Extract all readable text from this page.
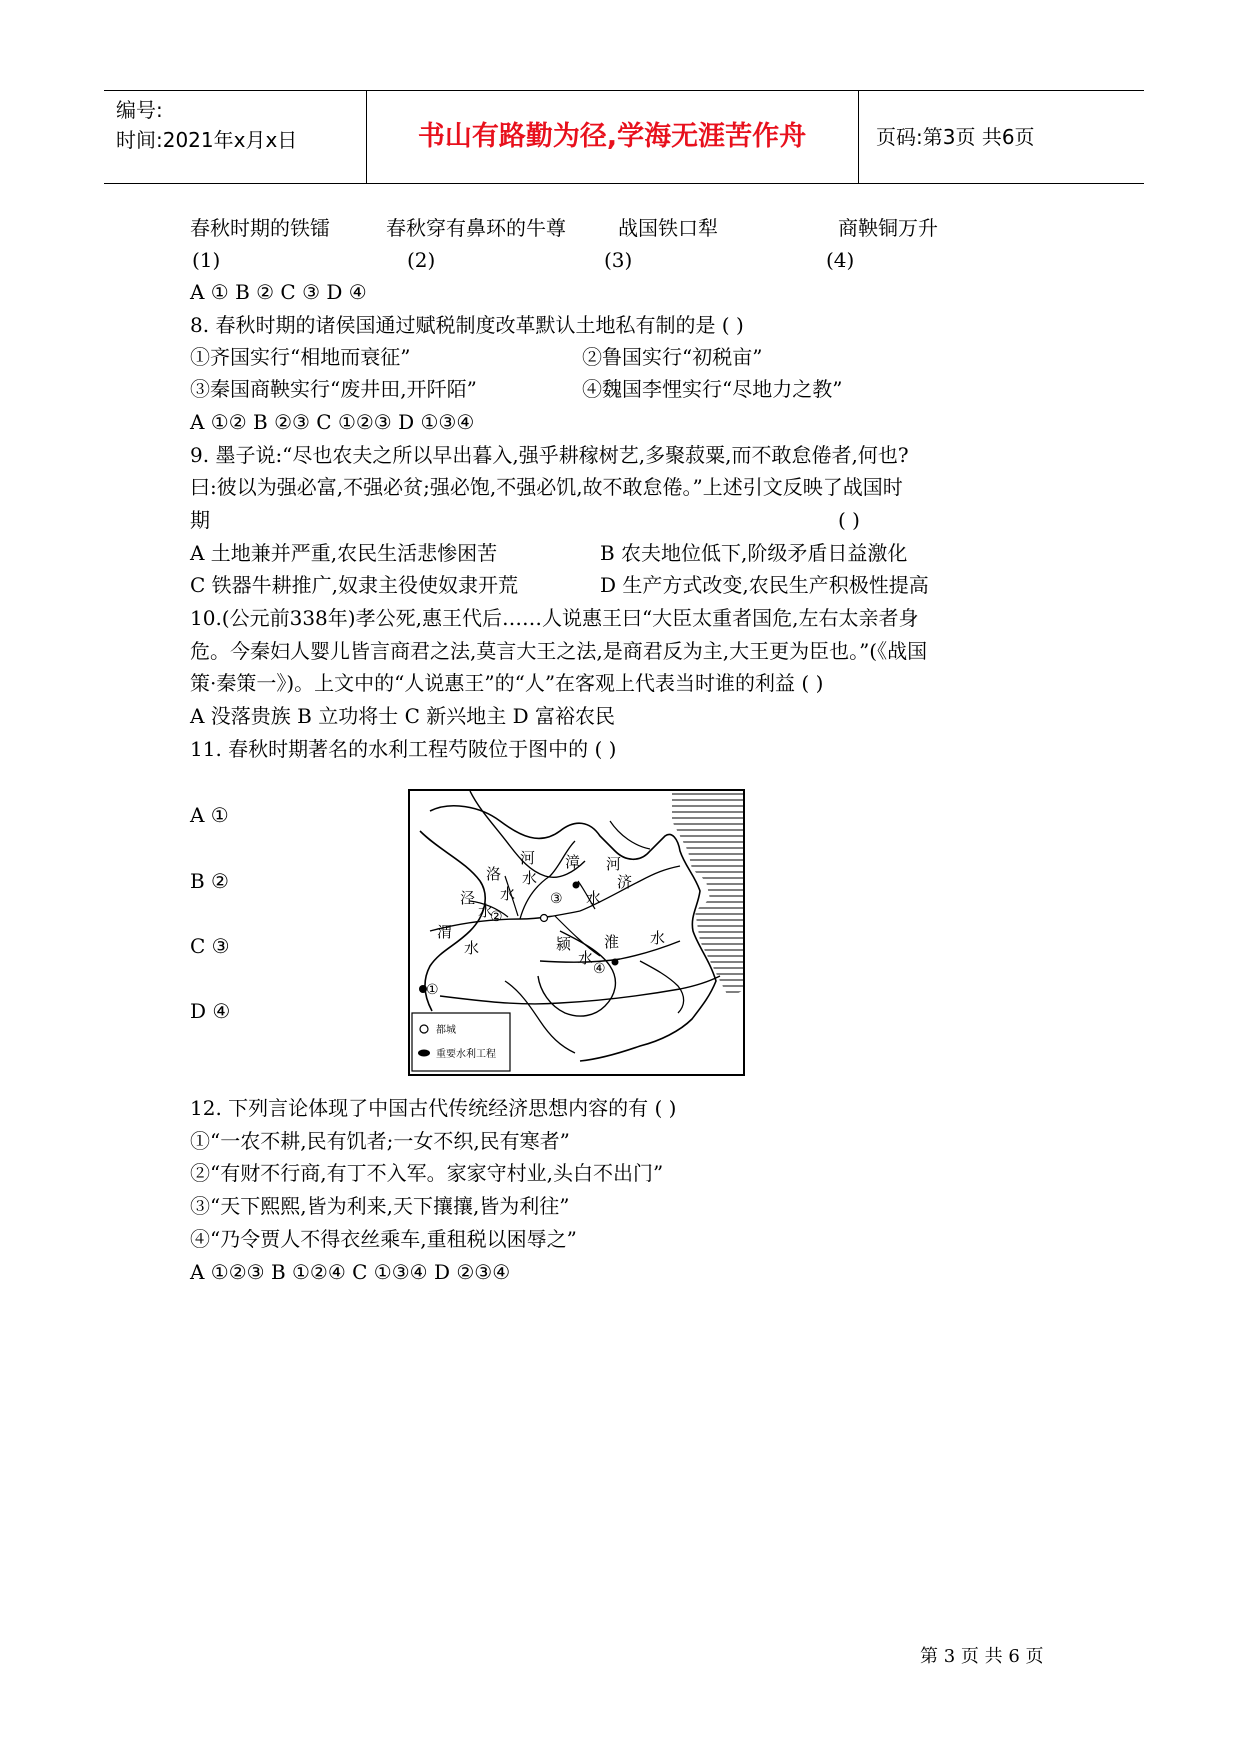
编号:
时间:2021年x月x日	书山有路勤为径,学海无涯苦作舟	页码:第3页 共6页
春秋时期的铁镭	春秋穿有鼻环的牛尊	战国铁口犁	商鞅铜万升
(1)	(2)	(3)	(4)
A ① B ② C ③ D ④
8. 春秋时期的诸侯国通过赋税制度改革默认土地私有制的是 ( )
①齐国实行“相地而衰征”	②鲁国实行“初税亩”
③秦国商鞅实行“废井田,开阡陌”	④魏国李悝实行“尽地力之教”
A ①② B ②③ C ①②③ D ①③④
9. 墨子说:“尽也农夫之所以早出暮入,强乎耕稼树艺,多聚菽粟,而不敢怠倦者,何也?
曰:彼以为强必富,不强必贫;强必饱,不强必饥,故不敢怠倦。”上述引文反映了战国时
期	( )
A 土地兼并严重,农民生活悲惨困苦	B 农夫地位低下,阶级矛盾日益激化
C 铁器牛耕推广,奴隶主役使奴隶开荒	D 生产方式改变,农民生产积极性提高
10.(公元前338年)孝公死,惠王代后……人说惠王曰“大臣太重者国危,左右太亲者身
危。今秦妇人婴儿皆言商君之法,莫言大王之法,是商君反为主,大王更为臣也。”(《战国
策·秦策一》)。上文中的“人说惠王”的“人”在客观上代表当时谁的利益 ( )
A 没落贵族 B 立功将士 C 新兴地主 D 富裕农民
11. 春秋时期著名的水利工程芍陂位于图中的 ( )
A ①
B ②
C ③
D ④
洛
河 漳 河
济
泾
水
水
水
水
渭
水	颍 淮
水
水
①
②
③
④
都城
重要水利工程
12. 下列言论体现了中国古代传统经济思想内容的有 ( )
①“一农不耕,民有饥者;一女不织,民有寒者”
②“有财不行商,有丁不入军。家家守村业,头白不出门”
③“天下熙熙,皆为利来,天下攘攘,皆为利往”
④“乃令贾人不得衣丝乘车,重租税以困辱之”
A ①②③ B ①②④ C ①③④ D ②③④
第 3 页 共 6 页
